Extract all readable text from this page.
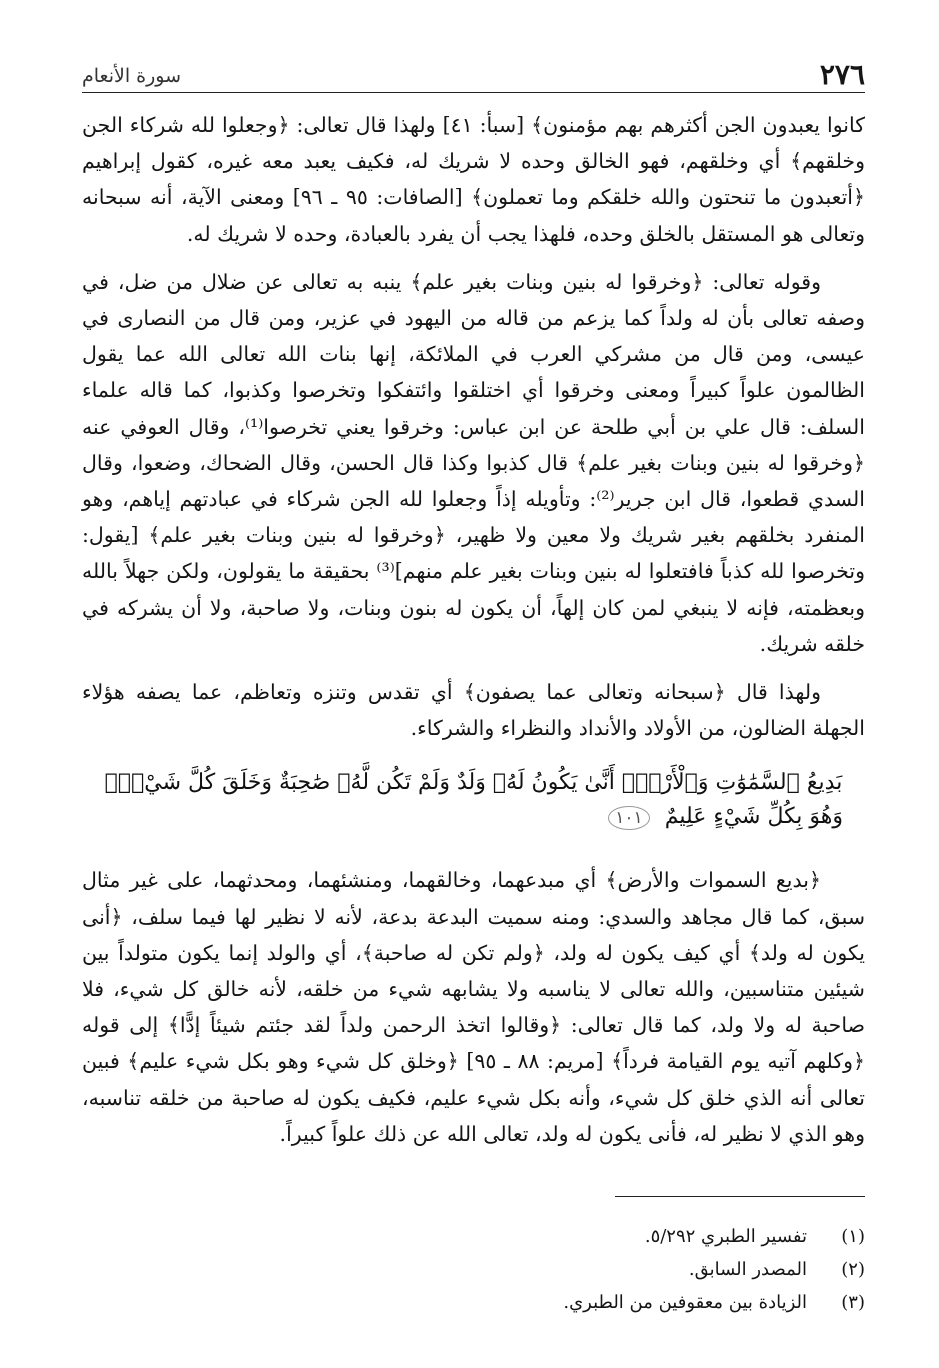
٢٧٦
سورة الأنعام

كانوا يعبدون الجن أكثرهم بهم مؤمنون﴾ [سبأ: ٤١] ولهذا قال تعالى: ﴿وجعلوا لله شركاء الجن وخلقهم﴾ أي وخلقهم، فهو الخالق وحده لا شريك له، فكيف يعبد معه غيره، كقول إبراهيم ﴿أتعبدون ما تنحتون والله خلقكم وما تعملون﴾ [الصافات: ٩٥ ـ ٩٦] ومعنى الآية، أنه سبحانه وتعالى هو المستقل بالخلق وحده، فلهذا يجب أن يفرد بالعبادة، وحده لا شريك له.

وقوله تعالى: ﴿وخرقوا له بنين وبنات بغير علم﴾ ينبه به تعالى عن ضلال من ضل، في وصفه تعالى بأن له ولداً كما يزعم من قاله من اليهود في عزير، ومن قال من النصارى في عيسى، ومن قال من مشركي العرب في الملائكة، إنها بنات الله تعالى الله عما يقول الظالمون علواً كبيراً ومعنى وخرقوا أي اختلقوا وائتفكوا وتخرصوا وكذبوا، كما قاله علماء السلف: قال علي بن أبي طلحة عن ابن عباس: وخرقوا يعني تخرصوا⁽¹⁾، وقال العوفي عنه ﴿وخرقوا له بنين وبنات بغير علم﴾ قال كذبوا وكذا قال الحسن، وقال الضحاك، وضعوا، وقال السدي قطعوا، قال ابن جرير⁽²⁾: وتأويله إذاً وجعلوا لله الجن شركاء في عبادتهم إياهم، وهو المنفرد بخلقهم بغير شريك ولا معين ولا ظهير، ﴿وخرقوا له بنين وبنات بغير علم﴾ [يقول: وتخرصوا لله كذباً فافتعلوا له بنين وبنات بغير علم منهم]⁽³⁾ بحقيقة ما يقولون، ولكن جهلاً بالله وبعظمته، فإنه لا ينبغي لمن كان إلهاً، أن يكون له بنون وبنات، ولا صاحبة، ولا أن يشركه في خلقه شريك.

ولهذا قال ﴿سبحانه وتعالى عما يصفون﴾ أي تقدس وتنزه وتعاظم، عما يصفه هؤلاء الجهلة الضالون، من الأولاد والأنداد والنظراء والشركاء.

بَدِيعُ ٱلسَّمَٰوَٰتِ وَٱلْأَرْضِۖ أَنَّىٰ يَكُونُ لَهُۥ وَلَدٌ وَلَمْ تَكُن لَّهُۥ صَٰحِبَةٌ وَخَلَقَ كُلَّ شَيْءٍۖ وَهُوَ بِكُلِّ شَيْءٍ عَلِيمٌ ١٠١

﴿بديع السموات والأرض﴾ أي مبدعهما، وخالقهما، ومنشئهما، ومحدثهما، على غير مثال سبق، كما قال مجاهد والسدي: ومنه سميت البدعة بدعة، لأنه لا نظير لها فيما سلف، ﴿أنى يكون له ولد﴾ أي كيف يكون له ولد، ﴿ولم تكن له صاحبة﴾، أي والولد إنما يكون متولداً بين شيئين متناسبين، والله تعالى لا يناسبه ولا يشابهه شيء من خلقه، لأنه خالق كل شيء، فلا صاحبة له ولا ولد، كما قال تعالى: ﴿وقالوا اتخذ الرحمن ولداً لقد جئتم شيئاً إدًّا﴾ إلى قوله ﴿وكلهم آتيه يوم القيامة فرداً﴾ [مريم: ٨٨ ـ ٩٥] ﴿وخلق كل شيء وهو بكل شيء عليم﴾ فبين تعالى أنه الذي خلق كل شيء، وأنه بكل شيء عليم، فكيف يكون له صاحبة من خلقه تناسبه، وهو الذي لا نظير له، فأنى يكون له ولد، تعالى الله عن ذلك علواً كبيراً.

(١)
تفسير الطبري ٥/٢٩٢.
(٢)
المصدر السابق.
(٣)
الزيادة بين معقوفين من الطبري.
